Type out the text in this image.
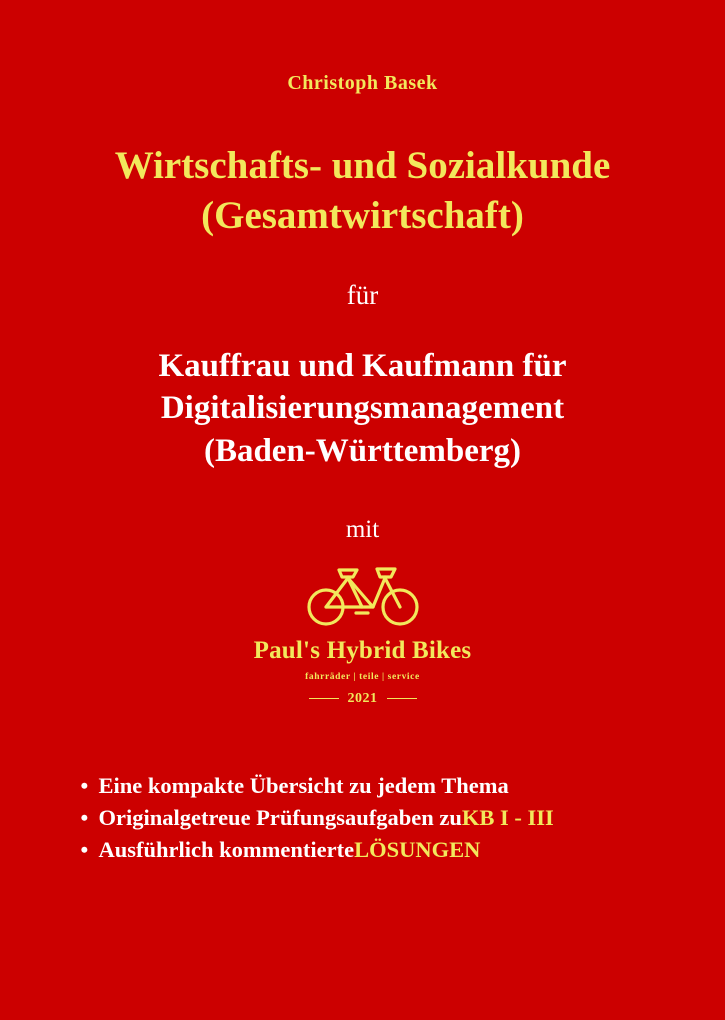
Christoph Basek
Wirtschafts- und Sozialkunde
(Gesamtwirtschaft)
für
Kauffrau und Kaufmann für
Digitalisierungsmanagement
(Baden-Württemberg)
mit
Paul's Hybrid Bikes
fahrräder | teile | service
2021
• Eine kompakte Übersicht zu jedem Thema
• Originalgetreue Prüfungsaufgaben zu KB I - III
• Ausführlich kommentierte LÖSUNGEN
